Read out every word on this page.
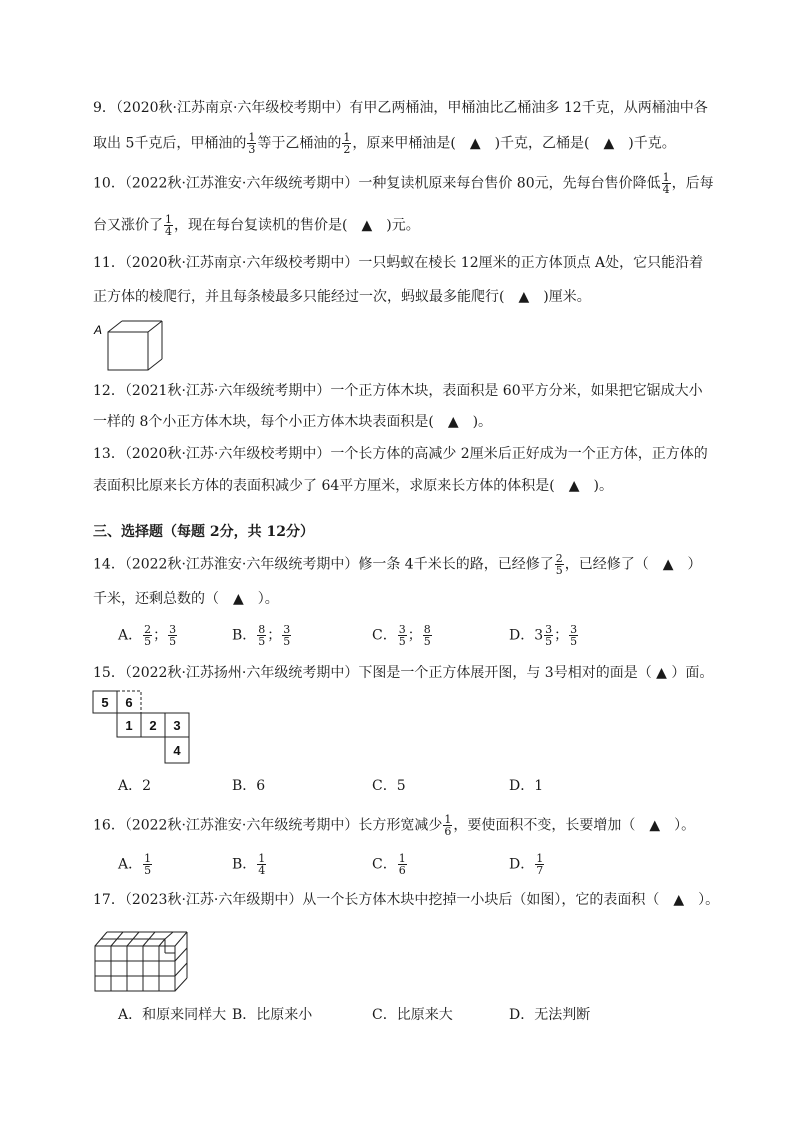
9．（2020秋·江苏南京·六年级校考期中）有甲乙两桶油，甲桶油比乙桶油多 12千克，从两桶油中各
取出 5千克后，甲桶油的 $\frac{1}{3}$ 等于乙桶油的 $\frac{1}{2}$ ，原来甲桶油是(　▲　)千克，乙桶是(　▲　)千克。
10．（2022秋·江苏淮安·六年级统考期中）一种复读机原来每台售价 80元，先每台售价降低 $\frac{1}{4}$ ，后每
台又涨价了 $\frac{1}{4}$ ，现在每台复读机的售价是(　▲　)元。
11．（2020秋·江苏南京·六年级校考期中）一只蚂蚁在棱长 12厘米的正方体顶点 A处，它只能沿着
正方体的棱爬行，并且每条棱最多只能经过一次，蚂蚁最多能爬行(　▲　)厘米。
A
12．（2021秋·江苏·六年级统考期中）一个正方体木块，表面积是 60平方分米，如果把它锯成大小
一样的 8个小正方体木块，每个小正方体木块表面积是(　▲　)。
13．（2020秋·江苏·六年级校考期中）一个长方体的高减少 2厘米后正好成为一个正方体，正方体的
表面积比原来长方体的表面积减少了 64平方厘米，求原来长方体的体积是(　▲　)。
三、选择题（每题 2分，共 12分）
14．（2022秋·江苏淮安·六年级统考期中）修一条 4千米长的路，已经修了 $\frac{2}{5}$ ，已经修了（　▲　）
千米，还剩总数的（　▲　）。
A． $\frac{2}{5}$ ； $\frac{3}{5}$	B． $\frac{8}{5}$ ； $\frac{3}{5}$	C． $\frac{3}{5}$ ； $\frac{8}{5}$	D．$3 \frac{3}{5}$ ； $\frac{3}{5}$
15．（2022秋·江苏扬州·六年级统考期中）下图是一个正方体展开图，与 3号相对的面是（ ▲ ）面。
5 6
1 2 3
4
A．2	B．6	C．5	D．1
16．（2022秋·江苏淮安·六年级统考期中）长方形宽减少 $\frac{1}{6}$ ，要使面积不变，长要增加（　▲　）。
A． $\frac{1}{5}$	B． $\frac{1}{4}$	C． $\frac{1}{6}$	D． $\frac{1}{7}$
17．（2023秋·江苏·六年级期中）从一个长方体木块中挖掉一小块后（如图），它的表面积（　▲　）。
A．和原来同样大 B．比原来小	C．比原来大	D．无法判断
